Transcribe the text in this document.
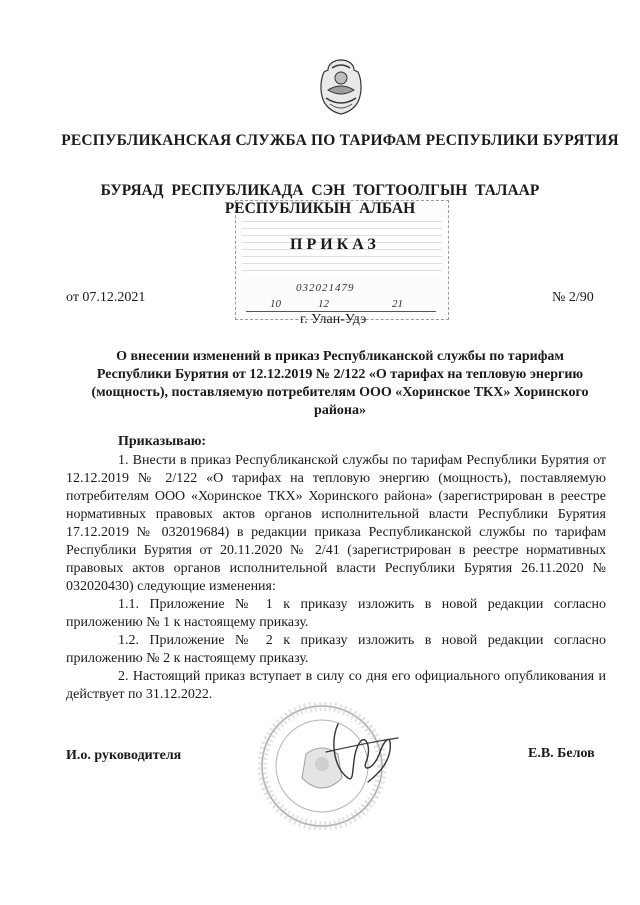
РЕСПУБЛИКАНСКАЯ СЛУЖБА ПО ТАРИФАМ РЕСПУБЛИКИ БУРЯТИЯ
БУРЯАД РЕСПУБЛИКАДА СЭН ТОГТООЛГЫН ТАЛААР РЕСПУБЛИКЫН АЛБАН
ПРИКАЗ
032021479
10	12	21
от 07.12.2021	№ 2/90
г. Улан-Удэ
О внесении изменений в приказ Республиканской службы по тарифам Республики Бурятия от 12.12.2019 № 2/122 «О тарифах на тепловую энергию (мощность), поставляемую потребителям ООО «Хоринское ТКХ» Хоринского района»
Приказываю:
1. Внести в приказ Республиканской службы по тарифам Республики Бурятия от 12.12.2019 № 2/122 «О тарифах на тепловую энергию (мощность), поставляемую потребителям ООО «Хоринское ТКХ» Хоринского района» (зарегистрирован в реестре нормативных правовых актов органов исполнительной власти Республики Бурятия 17.12.2019 № 032019684) в редакции приказа Республиканской службы по тарифам Республики Бурятия от 20.11.2020 № 2/41 (зарегистрирован в реестре нормативных правовых актов органов исполнительной власти Республики Бурятия 26.11.2020 № 032020430) следующие изменения:
1.1. Приложение № 1 к приказу изложить в новой редакции согласно приложению № 1 к настоящему приказу.
1.2. Приложение № 2 к приказу изложить в новой редакции согласно приложению № 2 к настоящему приказу.
2. Настоящий приказ вступает в силу со дня его официального опубликования и действует по 31.12.2022.
И.о. руководителя	Е.В. Белов
